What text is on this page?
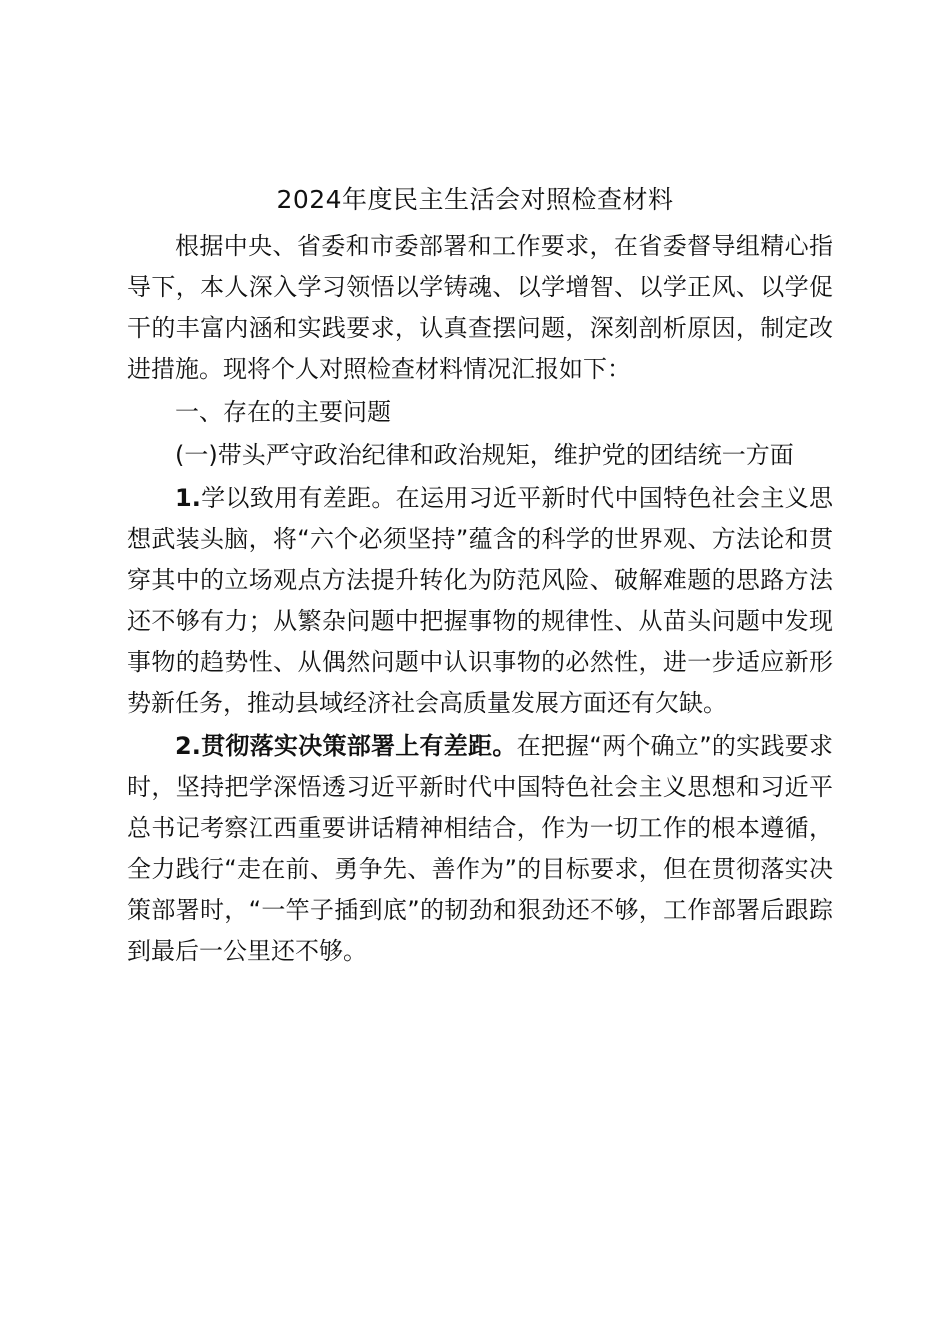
2024年度民主生活会对照检查材料

根据中央、省委和市委部署和工作要求，在省委督导组精心指导下，本人深入学习领悟以学铸魂、以学增智、以学正风、以学促干的丰富内涵和实践要求，认真查摆问题，深刻剖析原因，制定改进措施。现将个人对照检查材料情况汇报如下：

一、存在的主要问题

(一)带头严守政治纪律和政治规矩，维护党的团结统一方面

1.学以致用有差距。在运用习近平新时代中国特色社会主义思想武装头脑，将“六个必须坚持”蕴含的科学的世界观、方法论和贯穿其中的立场观点方法提升转化为防范风险、破解难题的思路方法还不够有力；从繁杂问题中把握事物的规律性、从苗头问题中发现事物的趋势性、从偶然问题中认识事物的必然性，进一步适应新形势新任务，推动县域经济社会高质量发展方面还有欠缺。

2.贯彻落实决策部署上有差距。在把握“两个确立”的实践要求时，坚持把学深悟透习近平新时代中国特色社会主义思想和习近平总书记考察江西重要讲话精神相结合，作为一切工作的根本遵循，全力践行“走在前、勇争先、善作为”的目标要求，但在贯彻落实决策部署时，“一竿子插到底”的韧劲和狠劲还不够，工作部署后跟踪到最后一公里还不够。
